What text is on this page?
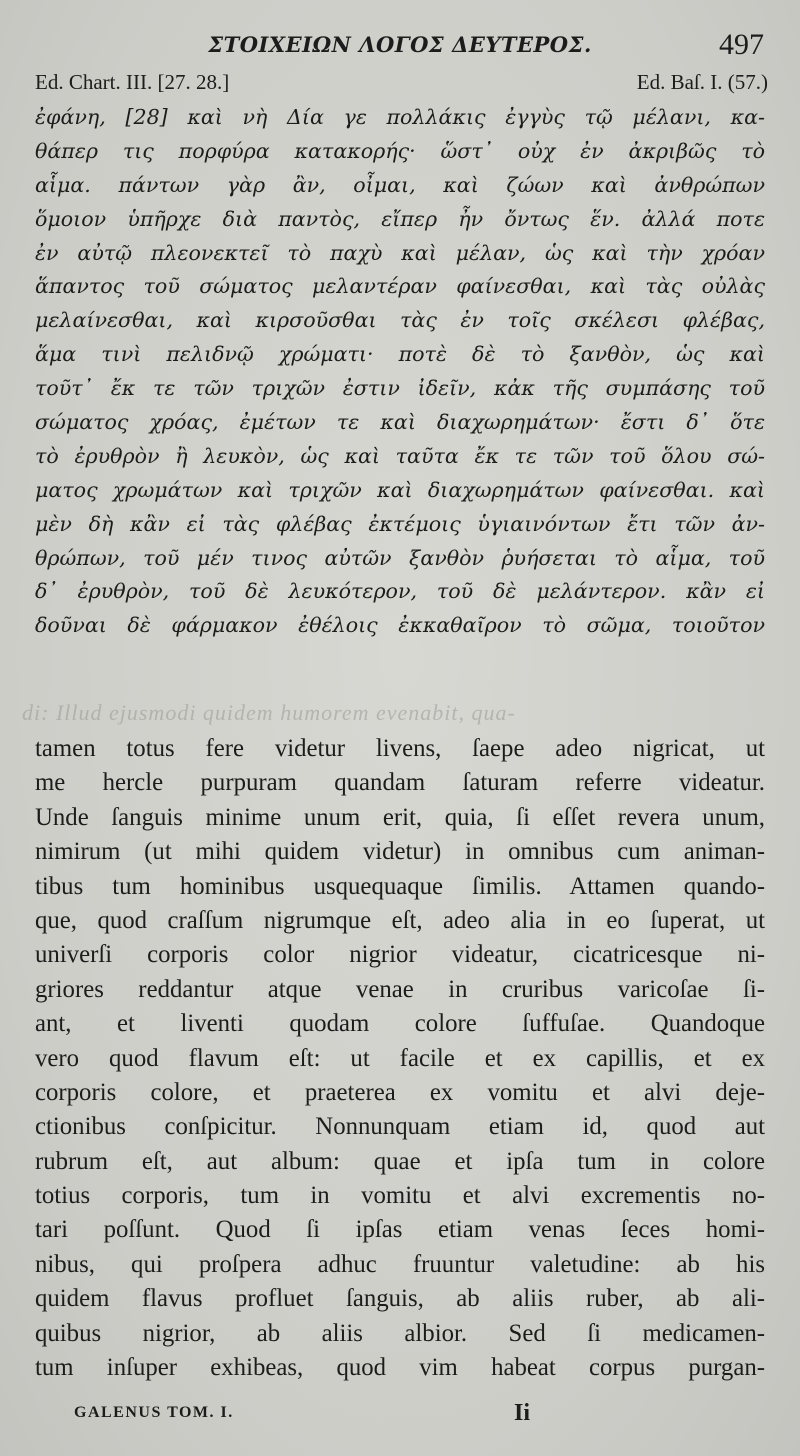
ΣΤΟΙΧΕΙΩΝ ΛΟΓΟΣ ΔΕΥΤΕΡΟΣ.	497
Ed. Chart. III. [27. 28.]	Ed. Baſ. I. (57.)
ἐφάνη, [28] καὶ νὴ Δία γε πολλάκις ἐγγὺς τῷ μέλανι, κα-
θάπερ τις πορφύρα κατακορής· ὥστ᾽ οὐχ ἐν ἀκριβῶς τὸ
αἷμα. πάντων γὰρ ἂν, οἶμαι, καὶ ζώων καὶ ἀνθρώπων
ὅμοιον ὑπῆρχε διὰ παντὸς, εἴπερ ἦν ὄντως ἕν. ἀλλά ποτε
ἐν αὐτῷ πλεονεκτεῖ τὸ παχὺ καὶ μέλαν, ὡς καὶ τὴν χρόαν
ἅπαντος τοῦ σώματος μελαντέραν φαίνεσθαι, καὶ τὰς οὐλὰς
μελαίνεσθαι, καὶ κιρσοῦσθαι τὰς ἐν τοῖς σκέλεσι φλέβας,
ἅμα τινὶ πελιδνῷ χρώματι· ποτὲ δὲ τὸ ξανθὸν, ὡς καὶ
τοῦτ᾽ ἔκ τε τῶν τριχῶν ἐστιν ἰδεῖν, κἀκ τῆς συμπάσης τοῦ
σώματος χρόας, ἐμέτων τε καὶ διαχωρημάτων· ἔστι δ᾽ ὅτε
τὸ ἐρυθρὸν ἢ λευκὸν, ὡς καὶ ταῦτα ἔκ τε τῶν τοῦ ὅλου σώ-
ματος χρωμάτων καὶ τριχῶν καὶ διαχωρημάτων φαίνεσθαι. καὶ
μὲν δὴ κἂν εἰ τὰς φλέβας ἐκτέμοις ὑγιαινόντων ἔτι τῶν ἀν-
θρώπων, τοῦ μέν τινος αὐτῶν ξανθὸν ῥυήσεται τὸ αἷμα, τοῦ
δ᾽ ἐρυθρὸν, τοῦ δὲ λευκότερον, τοῦ δὲ μελάντερον. κἂν εἰ
δοῦναι δὲ φάρμακον ἐθέλοις ἐκκαθαῖρον τὸ σῶμα, τοιοῦτον
di: Illud ejusmodi quidem humorem evenabit, qua-
tamen totus fere videtur livens, ſaepe adeo nigricat, ut
me hercle purpuram quandam ſaturam referre videatur.
Unde ſanguis minime unum erit, quia, ſi eſſet revera unum,
nimirum (ut mihi quidem videtur) in omnibus cum animan-
tibus tum hominibus usquequaque ſimilis. Attamen quando-
que, quod craſſum nigrumque eſt, adeo alia in eo ſuperat, ut
univerſi corporis color nigrior videatur, cicatricesque ni-
griores reddantur atque venae in cruribus varicoſae ſi-
ant, et liventi quodam colore ſuffuſae. Quandoque
vero quod flavum eſt: ut facile et ex capillis, et ex
corporis colore, et praeterea ex vomitu et alvi deje-
ctionibus conſpicitur. Nonnunquam etiam id, quod aut
rubrum eſt, aut album: quae et ipſa tum in colore
totius corporis, tum in vomitu et alvi excrementis no-
tari poſſunt. Quod ſi ipſas etiam venas ſeces homi-
nibus, qui proſpera adhuc fruuntur valetudine: ab his
quidem flavus profluet ſanguis, ab aliis ruber, ab ali-
quibus nigrior, ab aliis albior. Sed ſi medicamen-
tum inſuper exhibeas, quod vim habeat corpus purgan-
GALENUS TOM. I.	Ii
